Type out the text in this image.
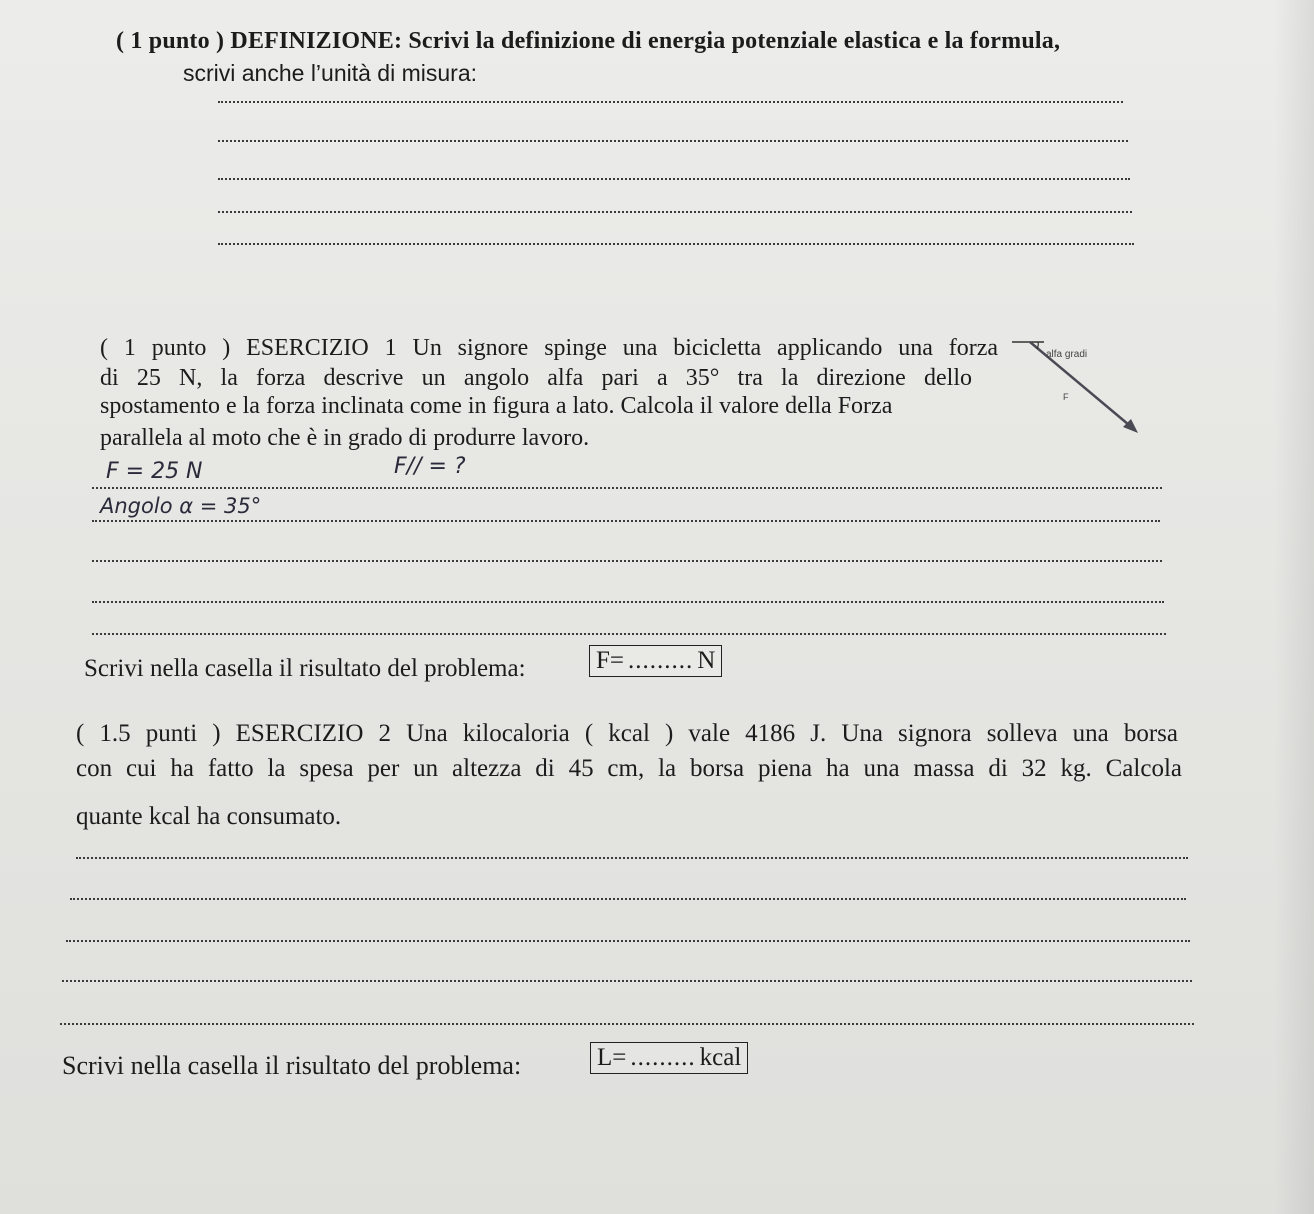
( 1 punto ) DEFINIZIONE: Scrivi la definizione di energia potenziale elastica e la formula,
scrivi anche l’unità di misura:
( 1 punto ) ESERCIZIO 1 Un signore spinge una bicicletta applicando una forza
di 25 N, la forza descrive un angolo alfa pari a 35° tra la direzione dello
spostamento e la forza inclinata come in figura a lato. Calcola il valore della Forza
parallela al moto che è in grado di produrre lavoro.
alfa gradi
F
F = 25 N	F// = ?
Angolo α = 35°
Scrivi nella casella il risultato del problema:	F= .....	N
( 1.5 punti ) ESERCIZIO 2 Una kilocaloria ( kcal ) vale 4186 J. Una signora solleva una borsa
con cui ha fatto la spesa per un altezza di 45 cm, la borsa piena ha una massa di 32 kg. Calcola
quante kcal ha consumato.
Scrivi nella casella il risultato del problema:	L= .....	kcal
